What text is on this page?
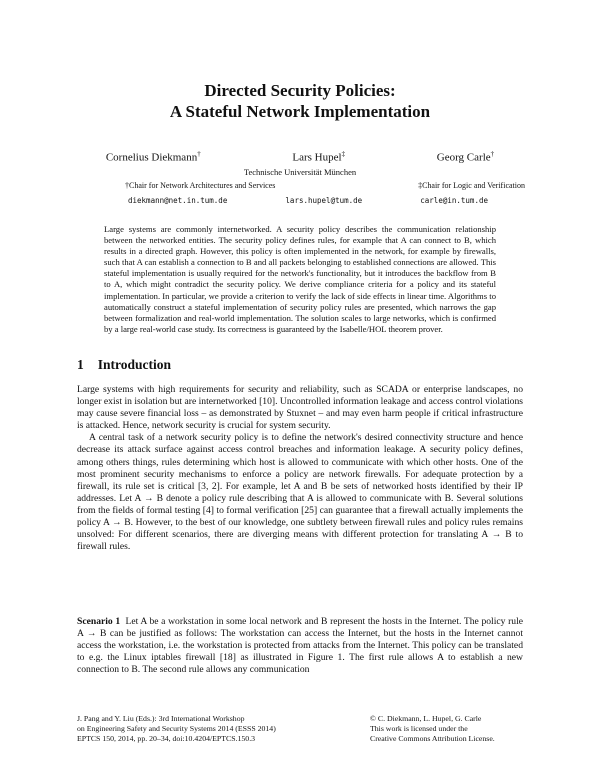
Directed Security Policies:
A Stateful Network Implementation
Cornelius Diekmann†	Lars Hupel‡	Georg Carle†
Technische Universität München
†Chair for Network Architectures and Services	‡Chair for Logic and Verification
diekmann@net.in.tum.de	lars.hupel@tum.de	carle@in.tum.de
Large systems are commonly internetworked. A security policy describes the communication relationship between the networked entities. The security policy defines rules, for example that A can connect to B, which results in a directed graph. However, this policy is often implemented in the network, for example by firewalls, such that A can establish a connection to B and all packets belonging to established connections are allowed. This stateful implementation is usually required for the network's functionality, but it introduces the backflow from B to A, which might contradict the security policy. We derive compliance criteria for a policy and its stateful implementation. In particular, we provide a criterion to verify the lack of side effects in linear time. Algorithms to automatically construct a stateful implementation of security policy rules are presented, which narrows the gap between formalization and real-world implementation. The solution scales to large networks, which is confirmed by a large real-world case study. Its correctness is guaranteed by the Isabelle/HOL theorem prover.
1 Introduction

Large systems with high requirements for security and reliability, such as SCADA or enterprise landscapes, no longer exist in isolation but are internetworked [10]. Uncontrolled information leakage and access control violations may cause severe financial loss – as demonstrated by Stuxnet – and may even harm people if critical infrastructure is attacked. Hence, network security is crucial for system security.

A central task of a network security policy is to define the network's desired connectivity structure and hence decrease its attack surface against access control breaches and information leakage. A security policy defines, among others things, rules determining which host is allowed to communicate with which other hosts. One of the most prominent security mechanisms to enforce a policy are network firewalls. For adequate protection by a firewall, its rule set is critical [3, 2]. For example, let A and B be sets of networked hosts identified by their IP addresses. Let A → B denote a policy rule describing that A is allowed to communicate with B. Several solutions from the fields of formal testing [4] to formal verification [25] can guarantee that a firewall actually implements the policy A → B. However, to the best of our knowledge, one subtlety between firewall rules and policy rules remains unsolved: For different scenarios, there are diverging means with different protection for translating A → B to firewall rules.

Scenario 1 Let A be a workstation in some local network and B represent the hosts in the Internet. The policy rule A → B can be justified as follows: The workstation can access the Internet, but the hosts in the Internet cannot access the workstation, i.e. the workstation is protected from attacks from the Internet. This policy can be translated to e.g. the Linux iptables firewall [18] as illustrated in Figure 1. The first rule allows A to establish a new connection to B. The second rule allows any communication

J. Pang and Y. Liu (Eds.): 3rd International Workshop
on Engineering Safety and Security Systems 2014 (ESSS 2014)
EPTCS 150, 2014, pp. 20–34, doi:10.4204/EPTCS.150.3
© C. Diekmann, L. Hupel, G. Carle
This work is licensed under the
Creative Commons Attribution License.
